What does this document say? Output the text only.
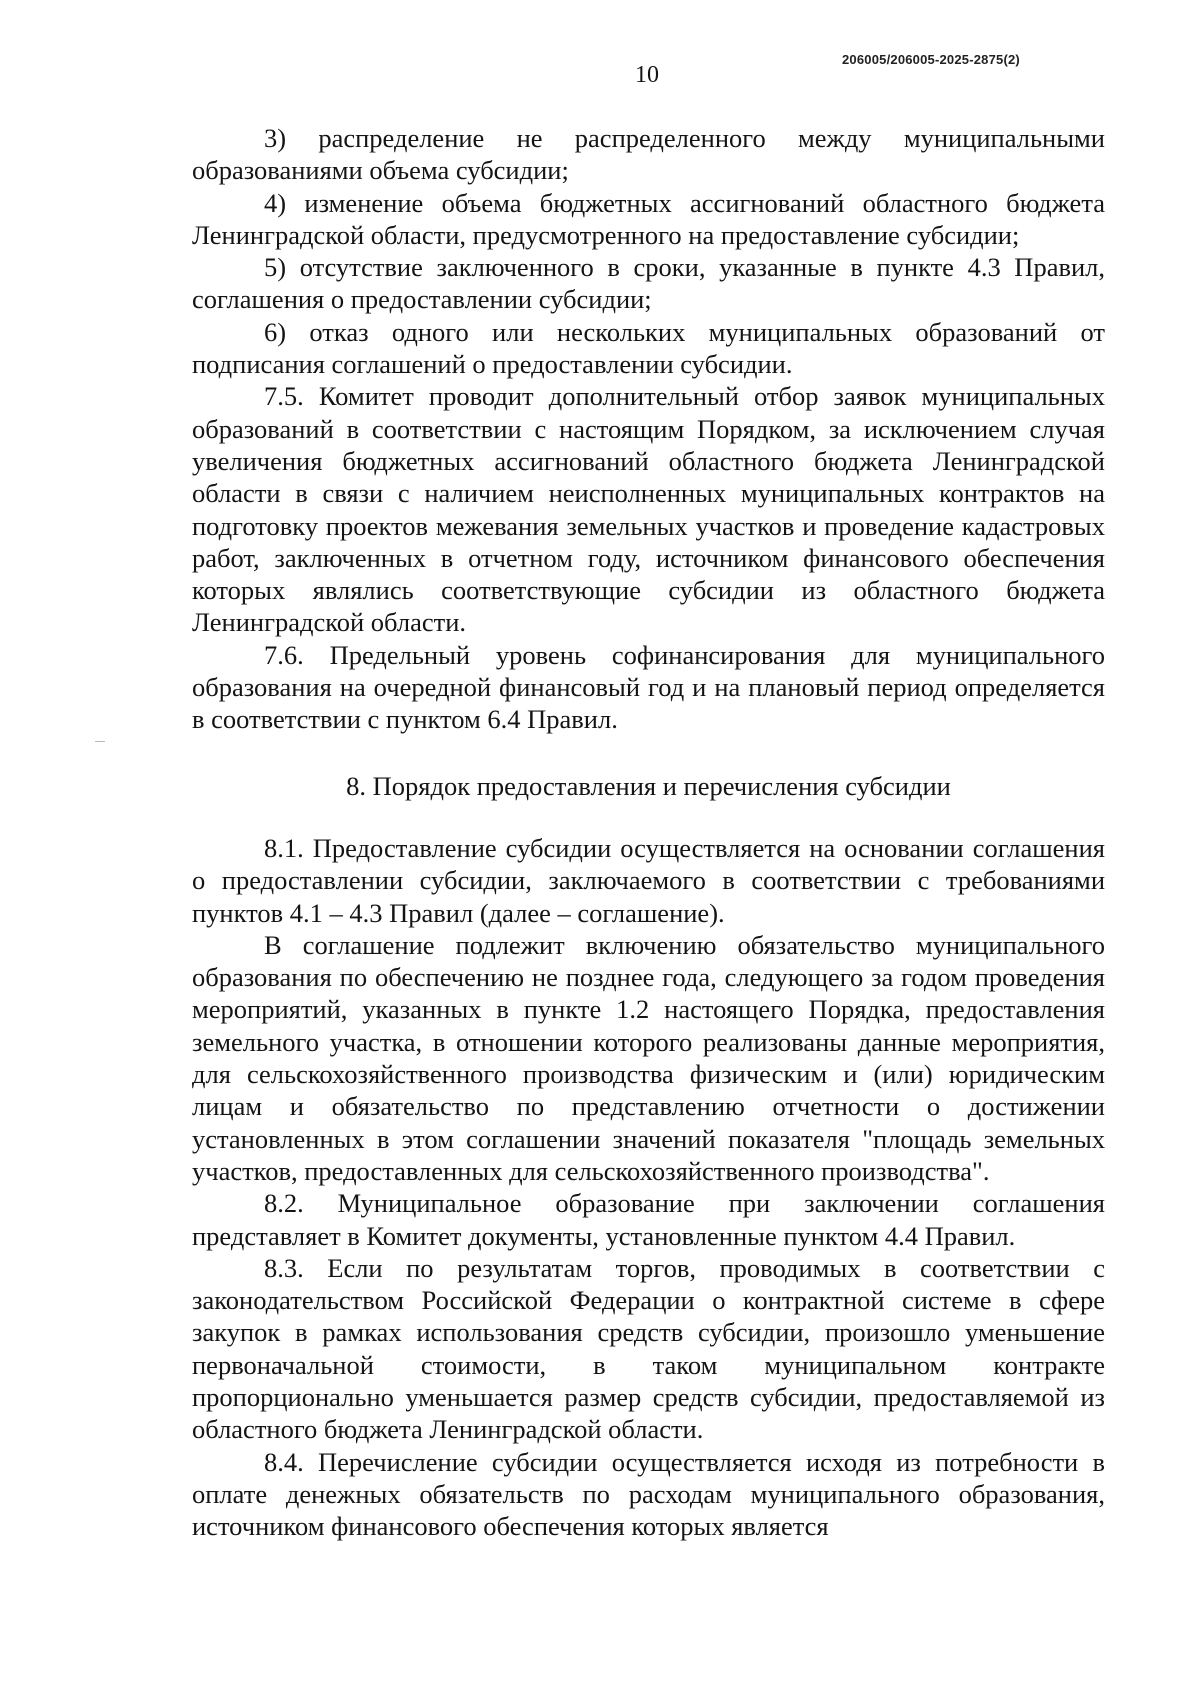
206005/206005-2025-2875(2)
10

3) распределение не распределенного между муниципальными образованиями объема субсидии;

4) изменение объема бюджетных ассигнований областного бюджета Ленинградской области, предусмотренного на предоставление субсидии;

5) отсутствие заключенного в сроки, указанные в пункте 4.3 Правил, соглашения о предоставлении субсидии;

6) отказ одного или нескольких муниципальных образований от подписания соглашений о предоставлении субсидии.

7.5. Комитет проводит дополнительный отбор заявок муниципальных образований в соответствии с настоящим Порядком, за исключением случая увеличения бюджетных ассигнований областного бюджета Ленинградской области в связи с наличием неисполненных муниципальных контрактов на подготовку проектов межевания земельных участков и проведение кадастровых работ, заключенных в отчетном году, источником финансового обеспечения которых являлись соответствующие субсидии из областного бюджета Ленинградской области.

7.6. Предельный уровень софинансирования для муниципального образования на очередной финансовый год и на плановый период определяется в соответствии с пунктом 6.4 Правил.

8. Порядок предоставления и перечисления субсидии

8.1. Предоставление субсидии осуществляется на основании соглашения о предоставлении субсидии, заключаемого в соответствии с требованиями пунктов 4.1 – 4.3 Правил (далее – соглашение).

В соглашение подлежит включению обязательство муниципального образования по обеспечению не позднее года, следующего за годом проведения мероприятий, указанных в пункте 1.2 настоящего Порядка, предоставления земельного участка, в отношении которого реализованы данные мероприятия, для сельскохозяйственного производства физическим и (или) юридическим лицам и обязательство по представлению отчетности о достижении установленных в этом соглашении значений показателя "площадь земельных участков, предоставленных для сельскохозяйственного производства".

8.2. Муниципальное образование при заключении соглашения представляет в Комитет документы, установленные пунктом 4.4 Правил.

8.3. Если по результатам торгов, проводимых в соответствии с законодательством Российской Федерации о контрактной системе в сфере закупок в рамках использования средств субсидии, произошло уменьшение первоначальной стоимости, в таком муниципальном контракте пропорционально уменьшается размер средств субсидии, предоставляемой из областного бюджета Ленинградской области.

8.4. Перечисление субсидии осуществляется исходя из потребности в оплате денежных обязательств по расходам муниципального образования, источником финансового обеспечения которых является
